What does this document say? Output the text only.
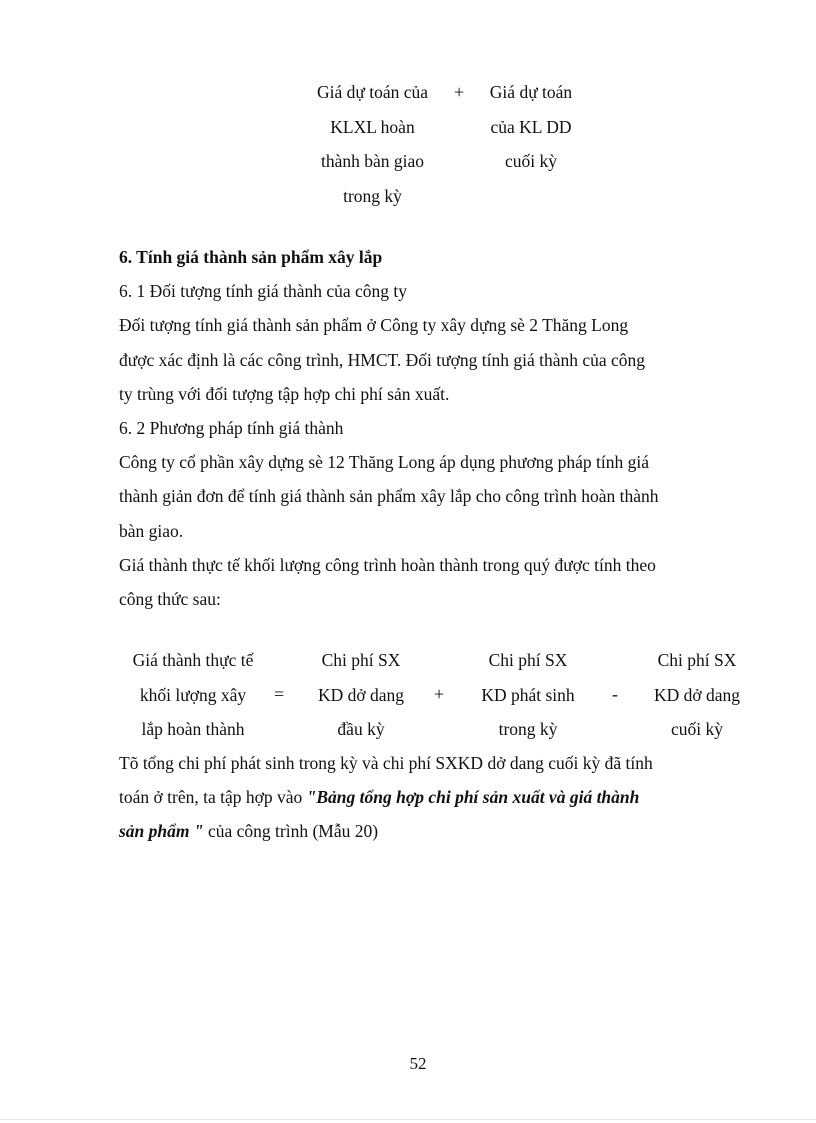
Giá dự toán của
KLXL hoàn
thành bàn giao
trong kỳ
+	Giá dự toán
của KL DD
cuối kỳ
6. Tính giá thành sản phẩm xây lắp
6. 1 Đối tượng tính giá thành của công ty
Đối tượng tính giá thành sản phẩm ở Công ty xây dựng sè 2 Thăng Long
được xác định là các công trình, HMCT. Đối tượng tính giá thành của công
ty trùng với đối tượng tập hợp chi phí sản xuất.
6. 2 Phương pháp tính giá thành
Công ty cổ phần xây dựng sè 12 Thăng Long áp dụng phương pháp tính giá
thành giản đơn để tính giá thành sản phẩm xây lắp cho công trình hoàn thành
bàn giao.
Giá thành thực tế khối lượng công trình hoàn thành trong quý được tính theo
công thức sau:
Giá thành thực tế
khối lượng xây
lắp hoàn thành
=
Chi phí SX
KD dở dang
đầu kỳ
+
Chi phí SX
KD phát sinh
trong kỳ
-
Chi phí SX
KD dở dang
cuối kỳ
Tõ tổng chi phí phát sinh trong kỳ và chi phí SXKD dở dang cuối kỳ đã tính
toán ở trên, ta tập hợp vào "Bảng tổng hợp chi phí sản xuất và giá thành
sản phẩm " của công trình (Mẫu 20)
52
